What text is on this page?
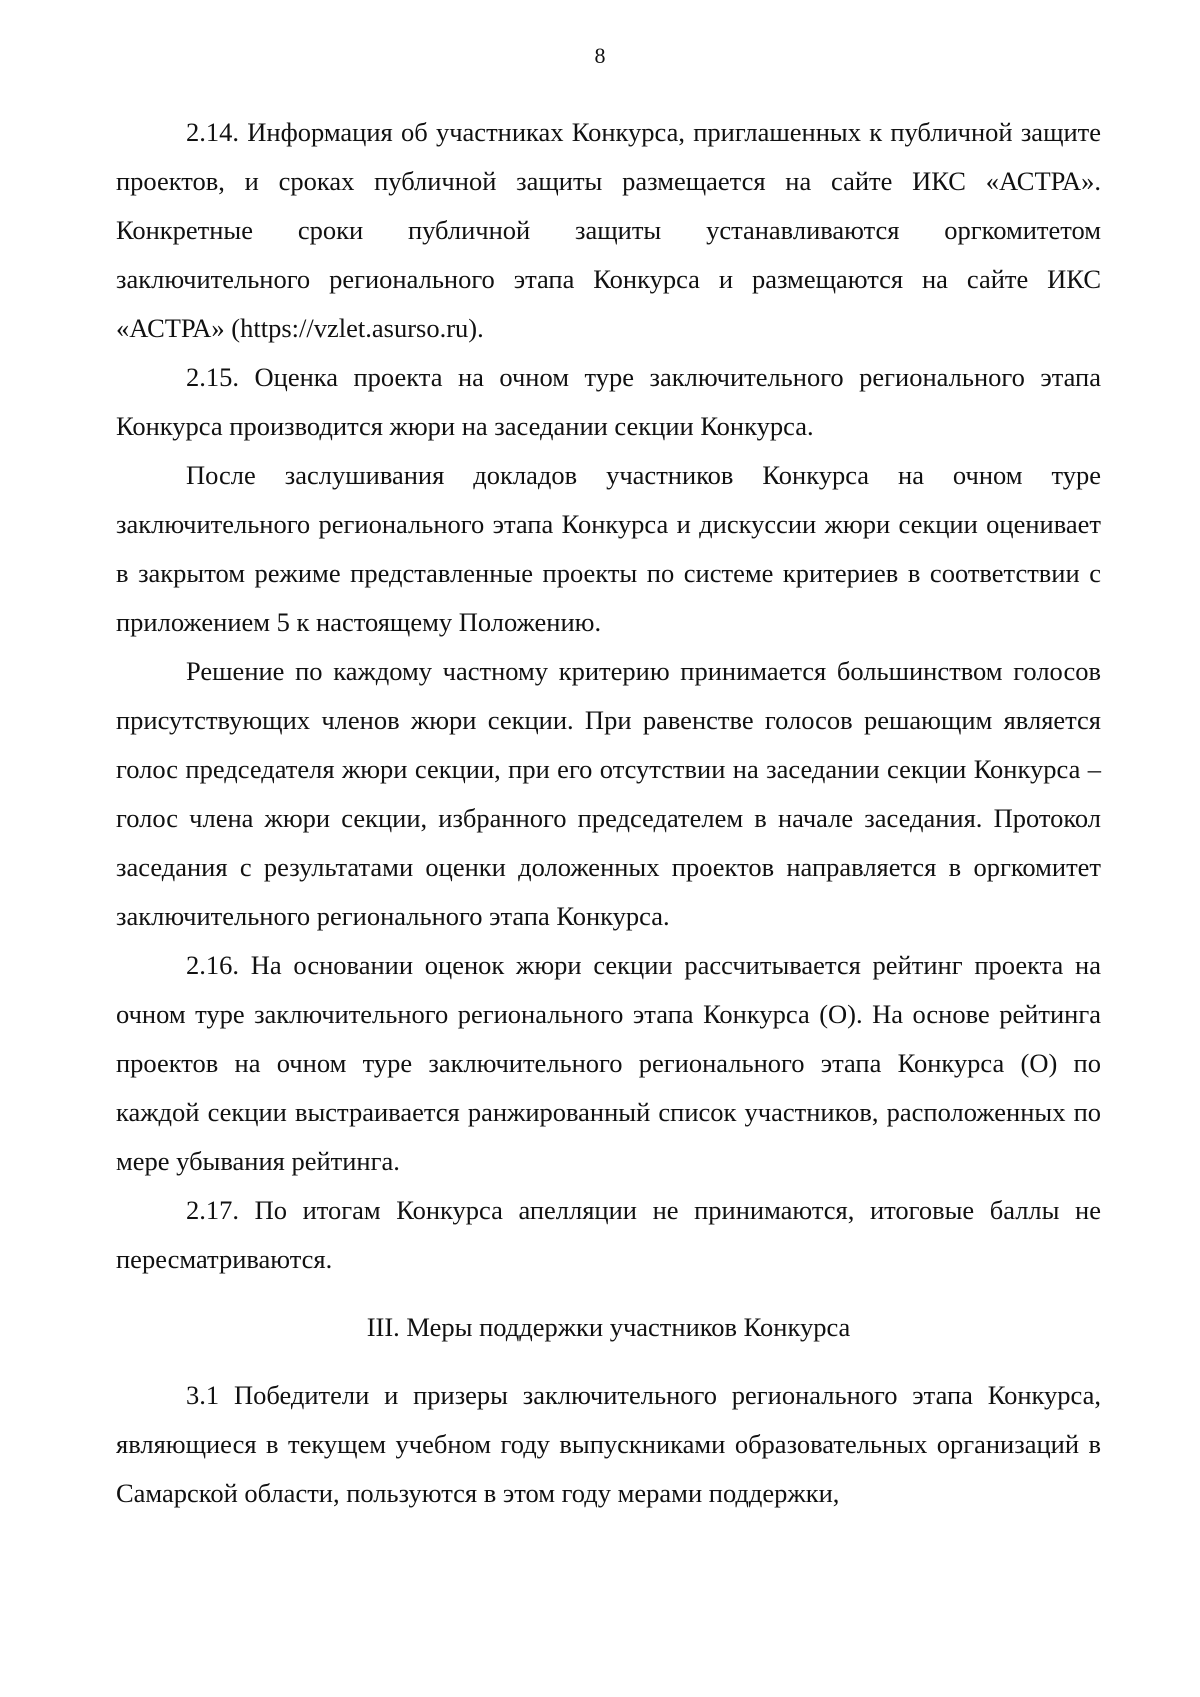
8

2.14. Информация об участниках Конкурса, приглашенных к публичной защите проектов, и сроках публичной защиты размещается на сайте ИКС «АСТРА». Конкретные сроки публичной защиты устанавливаются оргкомитетом заключительного регионального этапа Конкурса и размещаются на сайте ИКС «АСТРА» (https://vzlet.asurso.ru).

2.15. Оценка проекта на очном туре заключительного регионального этапа Конкурса производится жюри на заседании секции Конкурса.

После заслушивания докладов участников Конкурса на очном туре заключительного регионального этапа Конкурса и дискуссии жюри секции оценивает в закрытом режиме представленные проекты по системе критериев в соответствии с приложением 5 к настоящему Положению.

Решение по каждому частному критерию принимается большинством голосов присутствующих членов жюри секции. При равенстве голосов решающим является голос председателя жюри секции, при его отсутствии на заседании секции Конкурса – голос члена жюри секции, избранного председателем в начале заседания. Протокол заседания с результатами оценки доложенных проектов направляется в оргкомитет заключительного регионального этапа Конкурса.

2.16. На основании оценок жюри секции рассчитывается рейтинг проекта на очном туре заключительного регионального этапа Конкурса (О). На основе рейтинга проектов на очном туре заключительного регионального этапа Конкурса (О) по каждой секции выстраивается ранжированный список участников, расположенных по мере убывания рейтинга.

2.17. По итогам Конкурса апелляции не принимаются, итоговые баллы не пересматриваются.

III. Меры поддержки участников Конкурса

3.1 Победители и призеры заключительного регионального этапа Конкурса, являющиеся в текущем учебном году выпускниками образовательных организаций в Самарской области, пользуются в этом году мерами поддержки,
